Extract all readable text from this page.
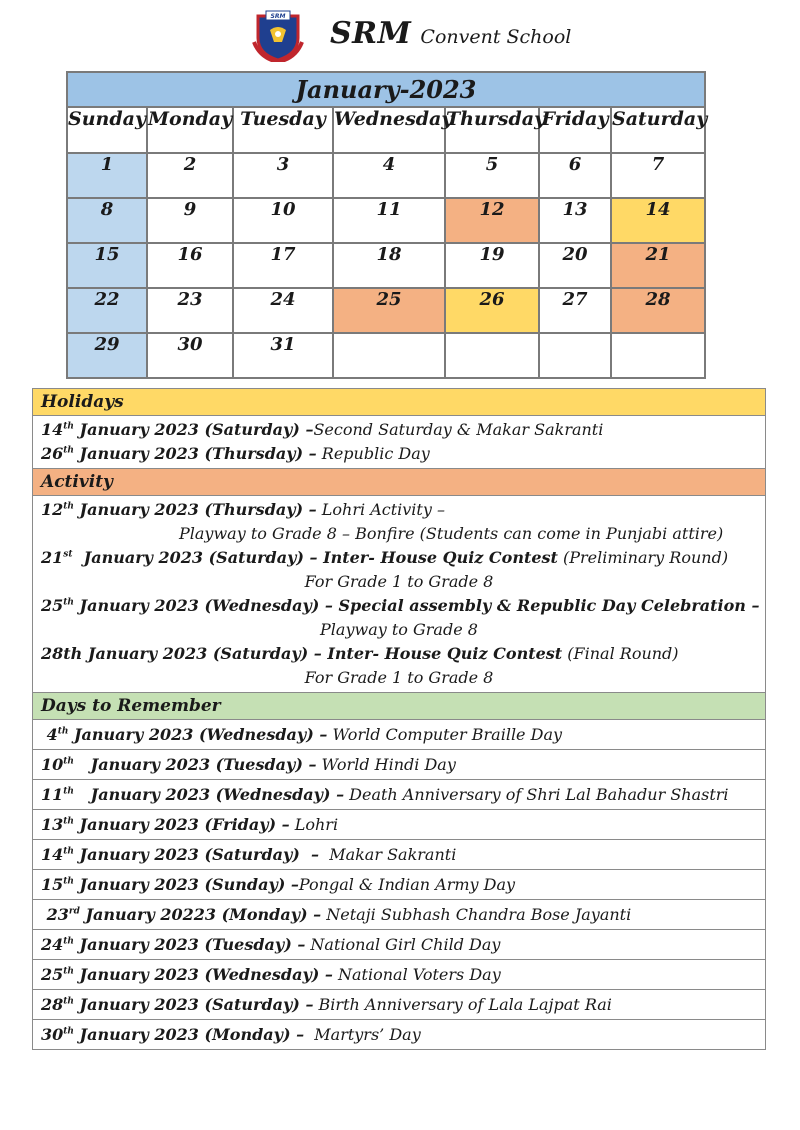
SRM SRM Convent School
January-2023						
Sunday	Monday	Tuesday	Wednesday	Thursday	Friday	Saturday
1	2	3	4	5	6	7
8	9	10	11	12	13	14
15	16	17	18	19	20	21
22	23	24	25	26	27	28
29	30	31				
Holidays

14th January 2023 (Saturday) –Second Saturday & Makar Sakranti
26th January 2023 (Thursday) – Republic Day

Activity

12th January 2023 (Thursday) – Lohri Activity –
Playway to Grade 8 – Bonfire (Students can come in Punjabi attire)
21st  January 2023 (Saturday) – Inter- House Quiz Contest (Preliminary Round)
For Grade 1 to Grade 8
25th January 2023 (Wednesday) – Special assembly & Republic Day Celebration –
Playway to Grade 8
28th January 2023 (Saturday) – Inter- House Quiz Contest (Final Round)
For Grade 1 to Grade 8

Days to Remember
4th January 2023 (Wednesday) – World Computer Braille Day
10th   January 2023 (Tuesday) – World Hindi Day
11th   January 2023 (Wednesday) – Death Anniversary of Shri Lal Bahadur Shastri
13th January 2023 (Friday) – Lohri
14th January 2023 (Saturday)  –  Makar Sakranti
15th January 2023 (Sunday) –Pongal & Indian Army Day
23rd January 20223 (Monday) – Netaji Subhash Chandra Bose Jayanti
24th January 2023 (Tuesday) – National Girl Child Day
25th January 2023 (Wednesday) – National Voters Day
28th January 2023 (Saturday) – Birth Anniversary of Lala Lajpat Rai
30th January 2023 (Monday) –  Martyrs’ Day
